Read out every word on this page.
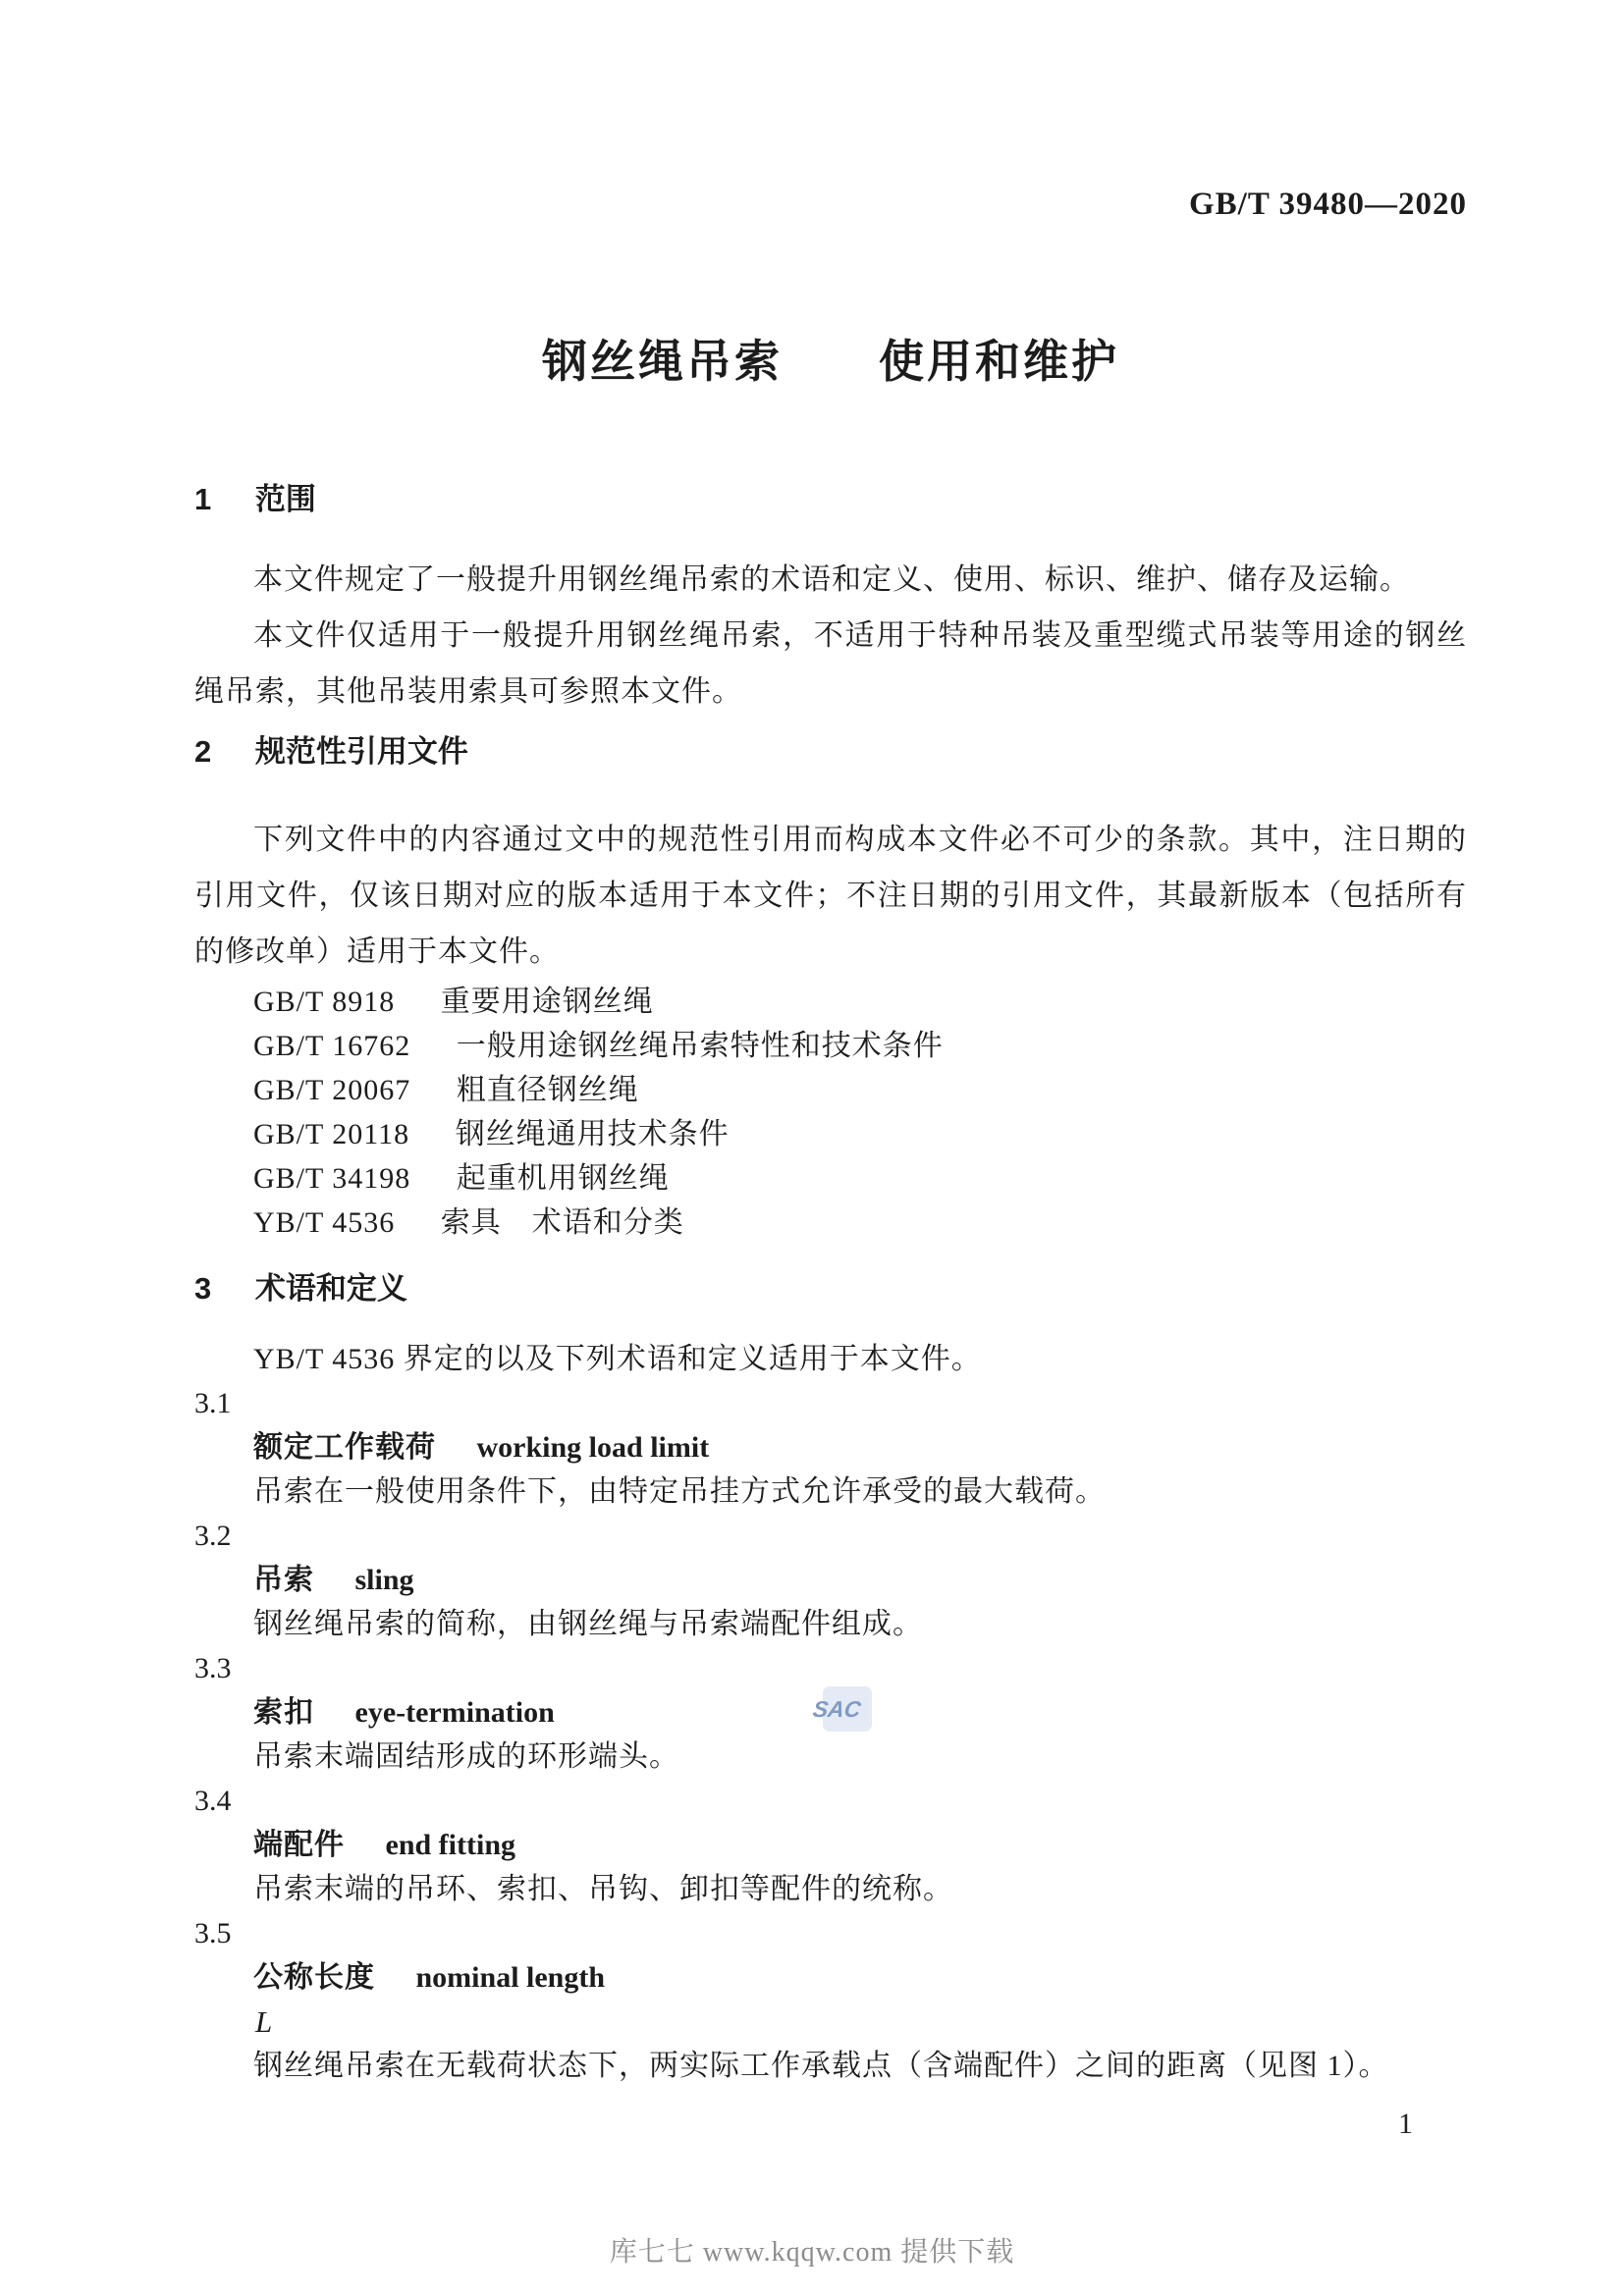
GB/T 39480—2020
钢丝绳吊索　　使用和维护
1 范围

本文件规定了一般提升用钢丝绳吊索的术语和定义、使用、标识、维护、储存及运输。

本文件仅适用于一般提升用钢丝绳吊索，不适用于特种吊装及重型缆式吊装等用途的钢丝绳吊索，其他吊装用索具可参照本文件。

2 规范性引用文件

下列文件中的内容通过文中的规范性引用而构成本文件必不可少的条款。其中，注日期的引用文件，仅该日期对应的版本适用于本文件；不注日期的引用文件，其最新版本（包括所有的修改单）适用于本文件。

GB/T 8918 重要用途钢丝绳
GB/T 16762 一般用途钢丝绳吊索特性和技术条件
GB/T 20067 粗直径钢丝绳
GB/T 20118 钢丝绳通用技术条件
GB/T 34198 起重机用钢丝绳
YB/T 4536 索具　术语和分类
3 术语和定义

YB/T 4536 界定的以及下列术语和定义适用于本文件。

3.1
额定工作载荷 working load limit
吊索在一般使用条件下，由特定吊挂方式允许承受的最大载荷。
3.2
吊索 sling
钢丝绳吊索的简称，由钢丝绳与吊索端配件组成。
3.3
索扣 eye-termination
吊索末端固结形成的环形端头。
3.4
端配件 end fitting
吊索末端的吊环、索扣、吊钩、卸扣等配件的统称。
3.5
公称长度 nominal length
L
钢丝绳吊索在无载荷状态下，两实际工作承载点（含端配件）之间的距离（见图 1）。
SAC
1
库七七 www.kqqw.com 提供下载
